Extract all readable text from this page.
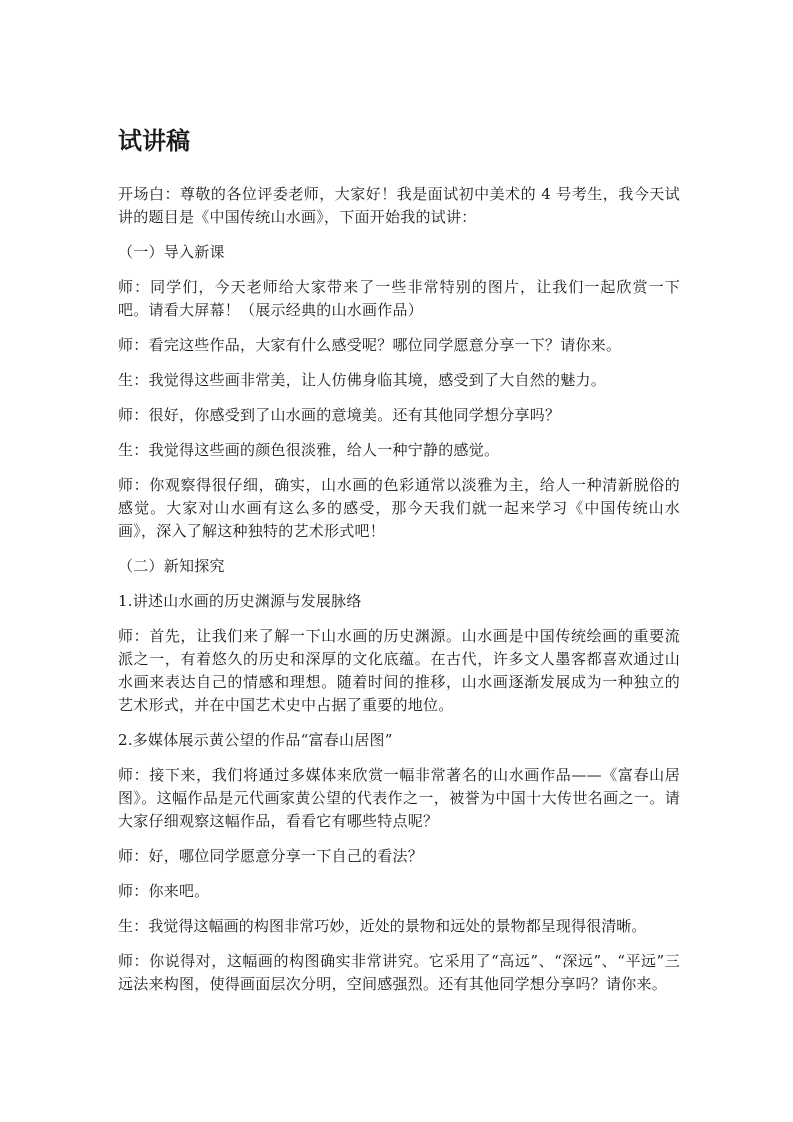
试讲稿

开场白：尊敬的各位评委老师，大家好！我是面试初中美术的 4 号考生，我今天试讲的题目是《中国传统山水画》，下面开始我的试讲：

（一）导入新课

师：同学们，今天老师给大家带来了一些非常特别的图片，让我们一起欣赏一下吧。请看大屏幕！（展示经典的山水画作品）

师：看完这些作品，大家有什么感受呢？哪位同学愿意分享一下？请你来。

生：我觉得这些画非常美，让人仿佛身临其境，感受到了大自然的魅力。

师：很好，你感受到了山水画的意境美。还有其他同学想分享吗？

生：我觉得这些画的颜色很淡雅，给人一种宁静的感觉。

师：你观察得很仔细，确实，山水画的色彩通常以淡雅为主，给人一种清新脱俗的感觉。大家对山水画有这么多的感受，那今天我们就一起来学习《中国传统山水画》，深入了解这种独特的艺术形式吧！

（二）新知探究

1.讲述山水画的历史渊源与发展脉络

师：首先，让我们来了解一下山水画的历史渊源。山水画是中国传统绘画的重要流派之一，有着悠久的历史和深厚的文化底蕴。在古代，许多文人墨客都喜欢通过山水画来表达自己的情感和理想。随着时间的推移，山水画逐渐发展成为一种独立的艺术形式，并在中国艺术史中占据了重要的地位。

2.多媒体展示黄公望的作品“富春山居图”

师：接下来，我们将通过多媒体来欣赏一幅非常著名的山水画作品——《富春山居图》。这幅作品是元代画家黄公望的代表作之一，被誉为中国十大传世名画之一。请大家仔细观察这幅作品，看看它有哪些特点呢？

师：好，哪位同学愿意分享一下自己的看法？

师：你来吧。

生：我觉得这幅画的构图非常巧妙，近处的景物和远处的景物都呈现得很清晰。

师：你说得对，这幅画的构图确实非常讲究。它采用了“高远”、“深远”、“平远”三远法来构图，使得画面层次分明，空间感强烈。还有其他同学想分享吗？请你来。
